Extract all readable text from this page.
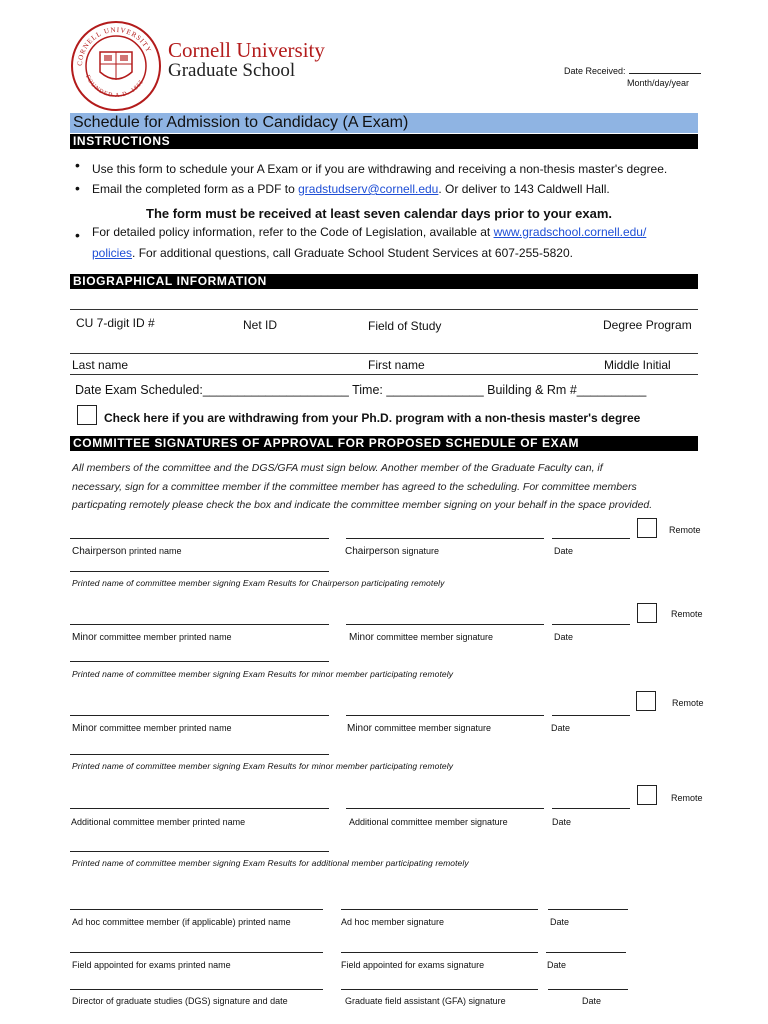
CORNELL UNIVERSITY
FOUNDED A.D. 1865
Cornell University
Graduate School	Date Received:
Month/day/year
Schedule for Admission to Candidacy (A Exam)
INSTRUCTIONS
• Use this form to schedule your A Exam or if you are withdrawing and receiving a non-thesis master's degree.
• Email the completed form as a PDF to gradstudserv@cornell.edu. Or deliver to 143 Caldwell Hall.
The form must be received at least seven calendar days prior to your exam.
• For detailed policy information, refer to the Code of Legislation, available at www.gradschool.cornell.edu/
policies. For additional questions, call Graduate School Student Services at 607-255-5820.
BIOGRAPHICAL INFORMATION
CU 7-digit ID #	Net ID	Field of Study	Degree Program
Last name	First name	Middle Initial
Date Exam Scheduled:_____________________ Time: ______________ Building & Rm #__________
Check here if you are withdrawing from your Ph.D. program with a non-thesis master's degree
COMMITTEE SIGNATURES OF APPROVAL FOR PROPOSED SCHEDULE OF EXAM
All members of the committee and the DGS/GFA must sign below. Another member of the Graduate Faculty can, if
necessary, sign for a committee member if the committee member has agreed to the scheduling. For committee members
particpating remotely please check the box and indicate the committee member signing on your behalf in the space provided.
Remote
Chairperson printed name	Chairperson signature	Date
Printed name of committee member signing Exam Results for Chairperson participating remotely
Remote
Minor committee member printed name	Minor committee member signature	Date
Printed name of committee member signing Exam Results for minor member participating remotely
Remote
Minor committee member printed name	Minor committee member signature	Date
Printed name of committee member signing Exam Results for minor member participating remotely
Remote
Additional committee member printed name	Additional committee member signature	Date
Printed name of committee member signing Exam Results for additional member participating remotely
Ad hoc committee member (if applicable) printed name	Ad hoc member signature	Date
Field appointed for exams printed name	Field appointed for exams signature	Date
Director of graduate studies (DGS) signature and date	Graduate field assistant (GFA) signature	Date
